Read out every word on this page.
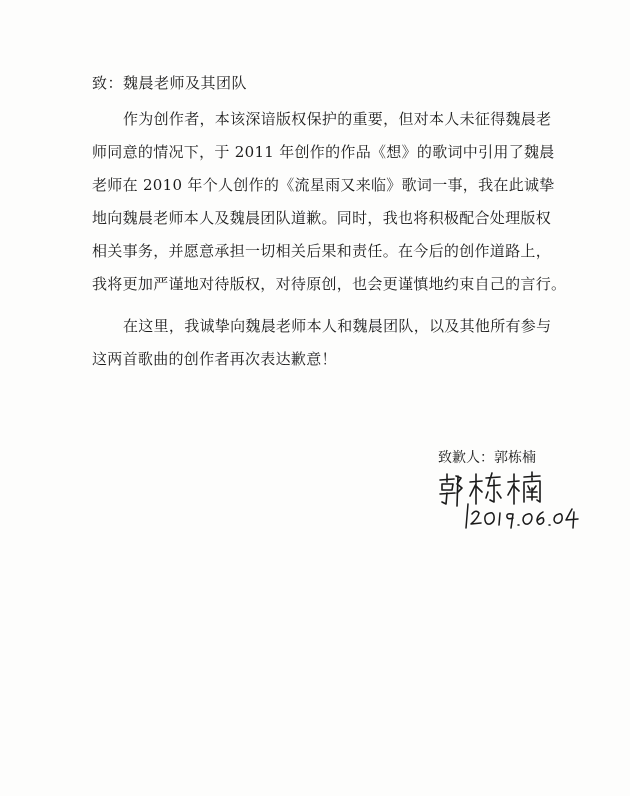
致：魏晨老师及其团队
作为创作者，本该深谙版权保护的重要，但对本人未征得魏晨老
师同意的情况下，于 2011 年创作的作品《想》的歌词中引用了魏晨
老师在 2010 年个人创作的《流星雨又来临》歌词一事，我在此诚挚
地向魏晨老师本人及魏晨团队道歉。同时，我也将积极配合处理版权
相关事务，并愿意承担一切相关后果和责任。在今后的创作道路上，
我将更加严谨地对待版权，对待原创，也会更谨慎地约束自己的言行。
在这里，我诚挚向魏晨老师本人和魏晨团队，以及其他所有参与
这两首歌曲的创作者再次表达歉意！
致歉人：郭栋楠
